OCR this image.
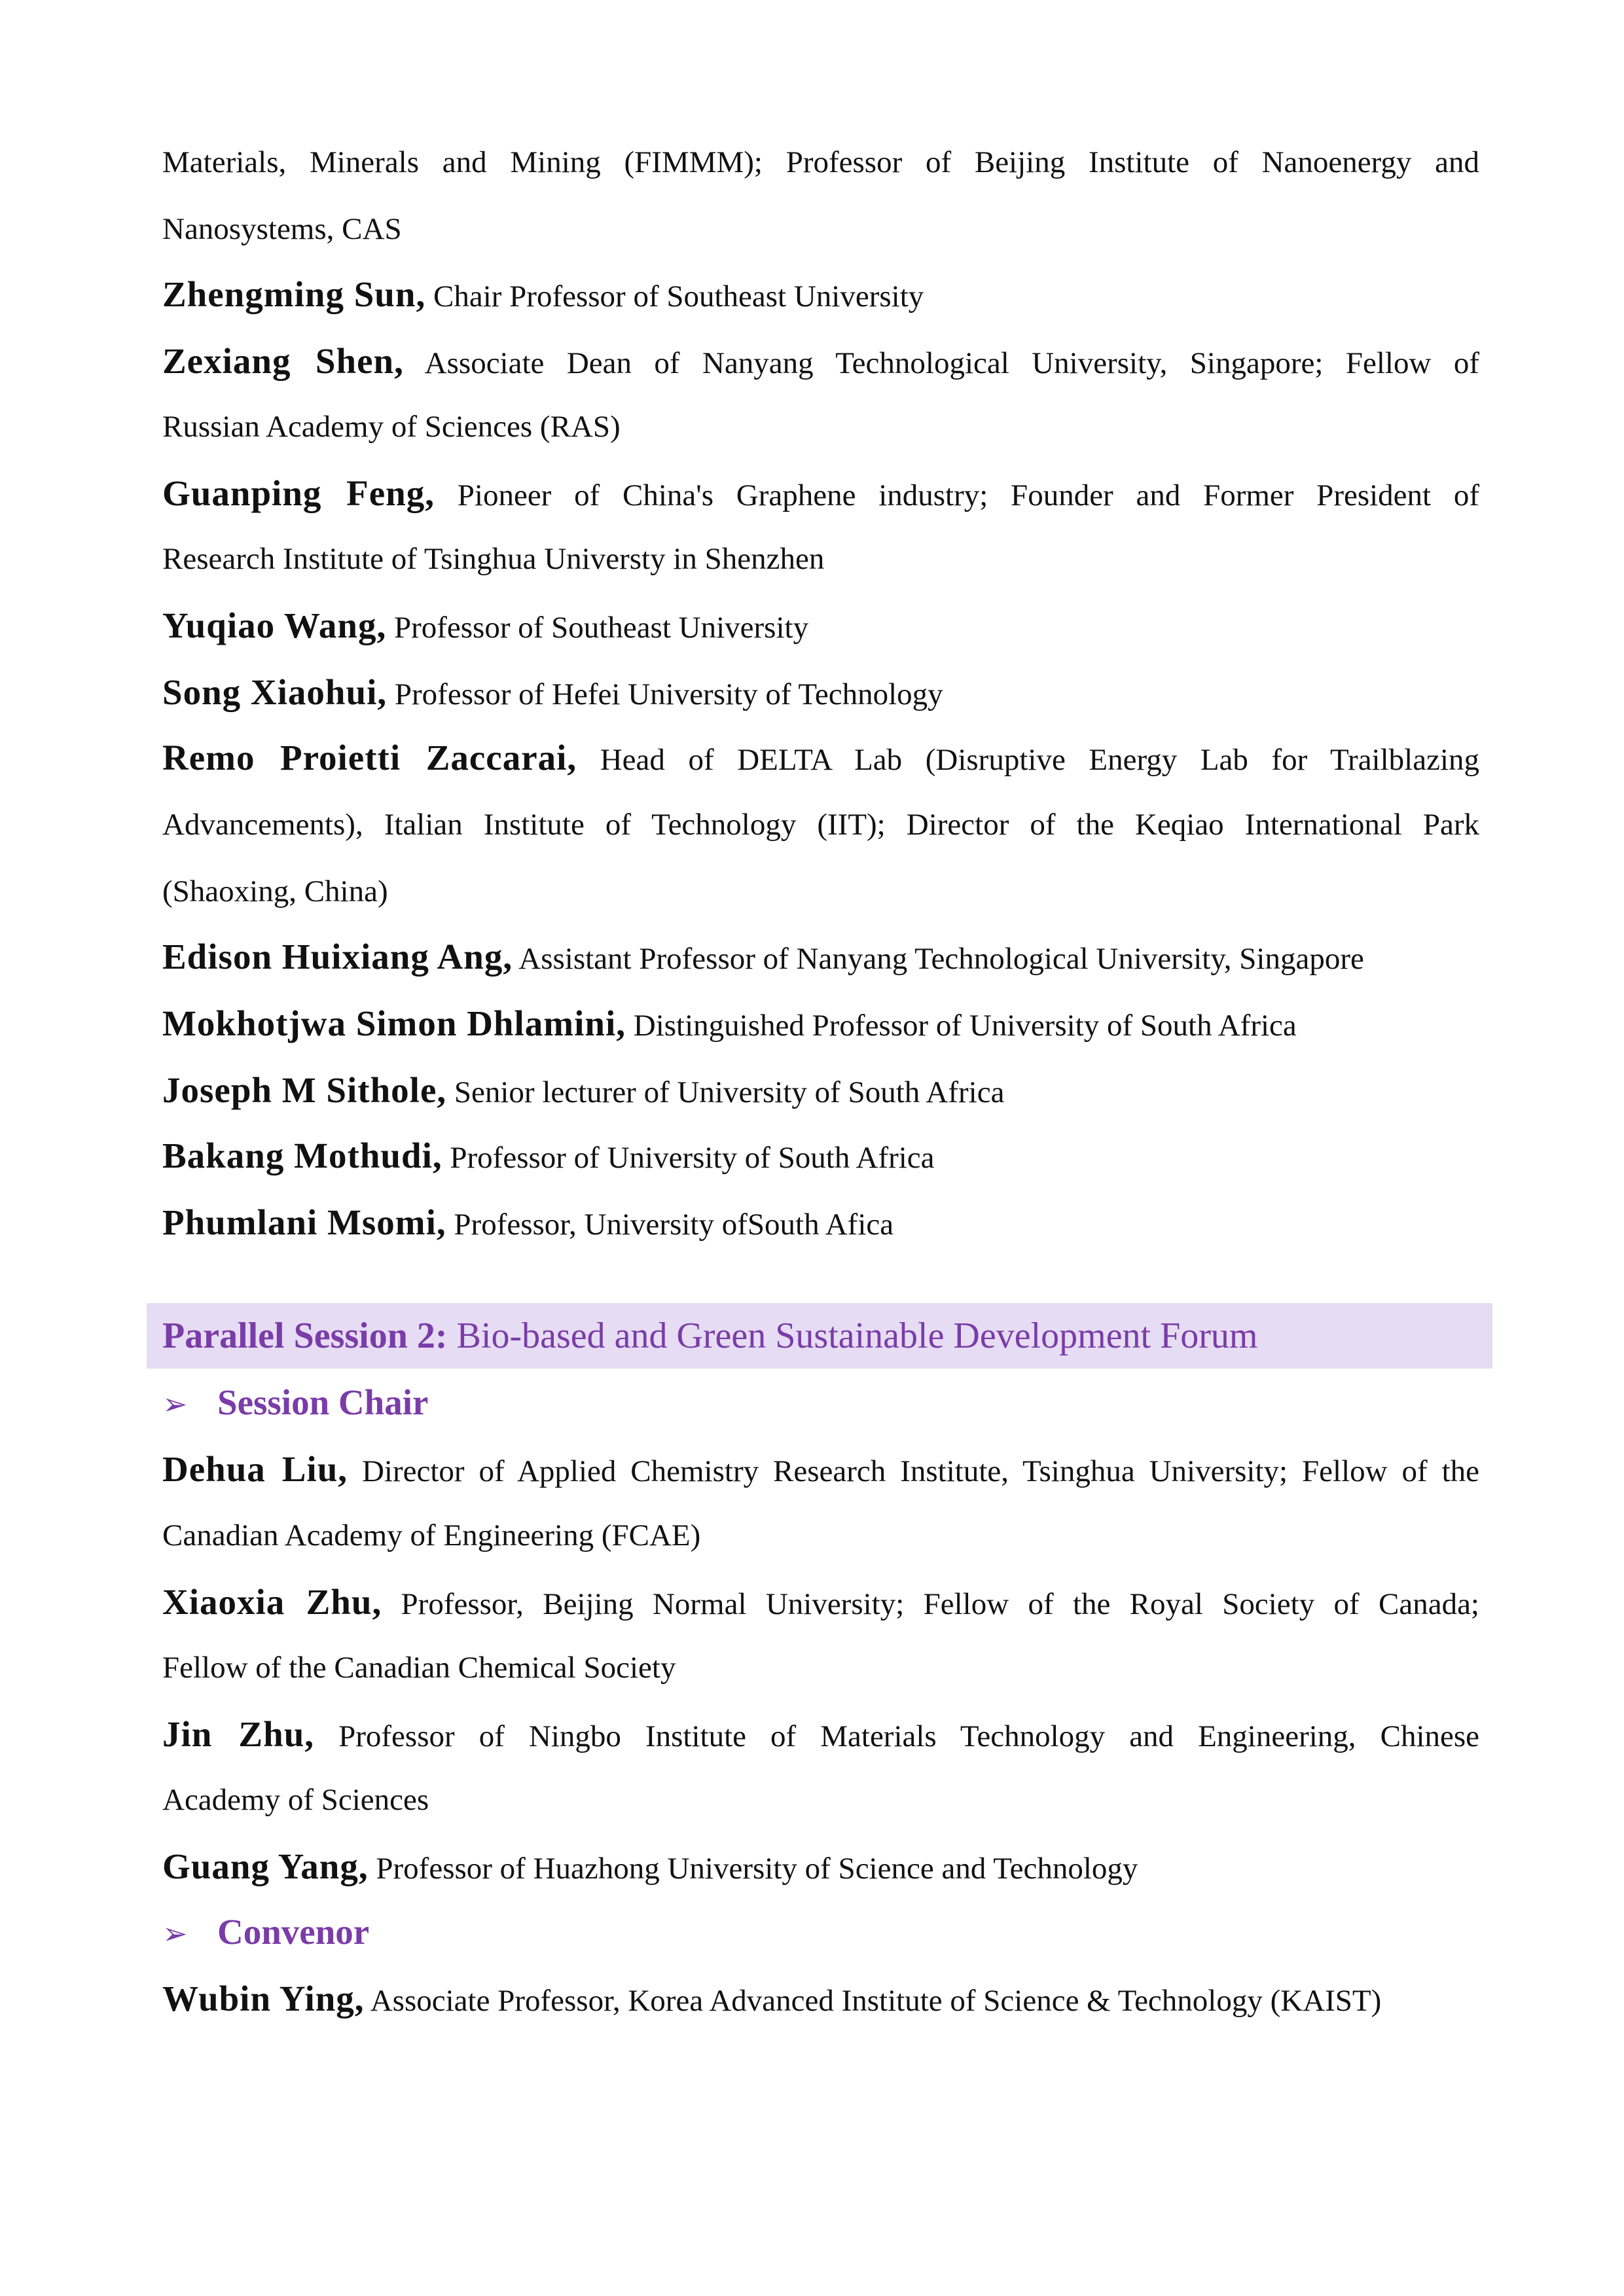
Materials, Minerals and Mining (FIMMM); Professor of Beijing Institute of Nanoenergy and
Nanosystems, CAS
Zhengming Sun, Chair Professor of Southeast University
Zexiang Shen, Associate Dean of Nanyang Technological University, Singapore; Fellow of
Russian Academy of Sciences (RAS)
Guanping Feng, Pioneer of China's Graphene industry; Founder and Former President of
Research Institute of Tsinghua Universty in Shenzhen
Yuqiao Wang, Professor of Southeast University
Song Xiaohui, Professor of Hefei University of Technology
Remo Proietti Zaccarai, Head of DELTA Lab (Disruptive Energy Lab for Trailblazing
Advancements), Italian Institute of Technology (IIT); Director of the Keqiao International Park
(Shaoxing, China)
Edison Huixiang Ang, Assistant Professor of Nanyang Technological University, Singapore
Mokhotjwa Simon Dhlamini, Distinguished Professor of University of South Africa
Joseph M Sithole, Senior lecturer of University of South Africa
Bakang Mothudi, Professor of University of South Africa
Phumlani Msomi, Professor, University ofSouth Afica
Parallel Session 2: Bio-based and Green Sustainable Development Forum
➢ Session Chair
Dehua Liu, Director of Applied Chemistry Research Institute, Tsinghua University; Fellow of the
Canadian Academy of Engineering (FCAE)
Xiaoxia Zhu, Professor, Beijing Normal University; Fellow of the Royal Society of Canada;
Fellow of the Canadian Chemical Society
Jin Zhu, Professor of Ningbo Institute of Materials Technology and Engineering, Chinese
Academy of Sciences
Guang Yang, Professor of Huazhong University of Science and Technology
➢ Convenor
Wubin Ying, Associate Professor, Korea Advanced Institute of Science & Technology (KAIST)
